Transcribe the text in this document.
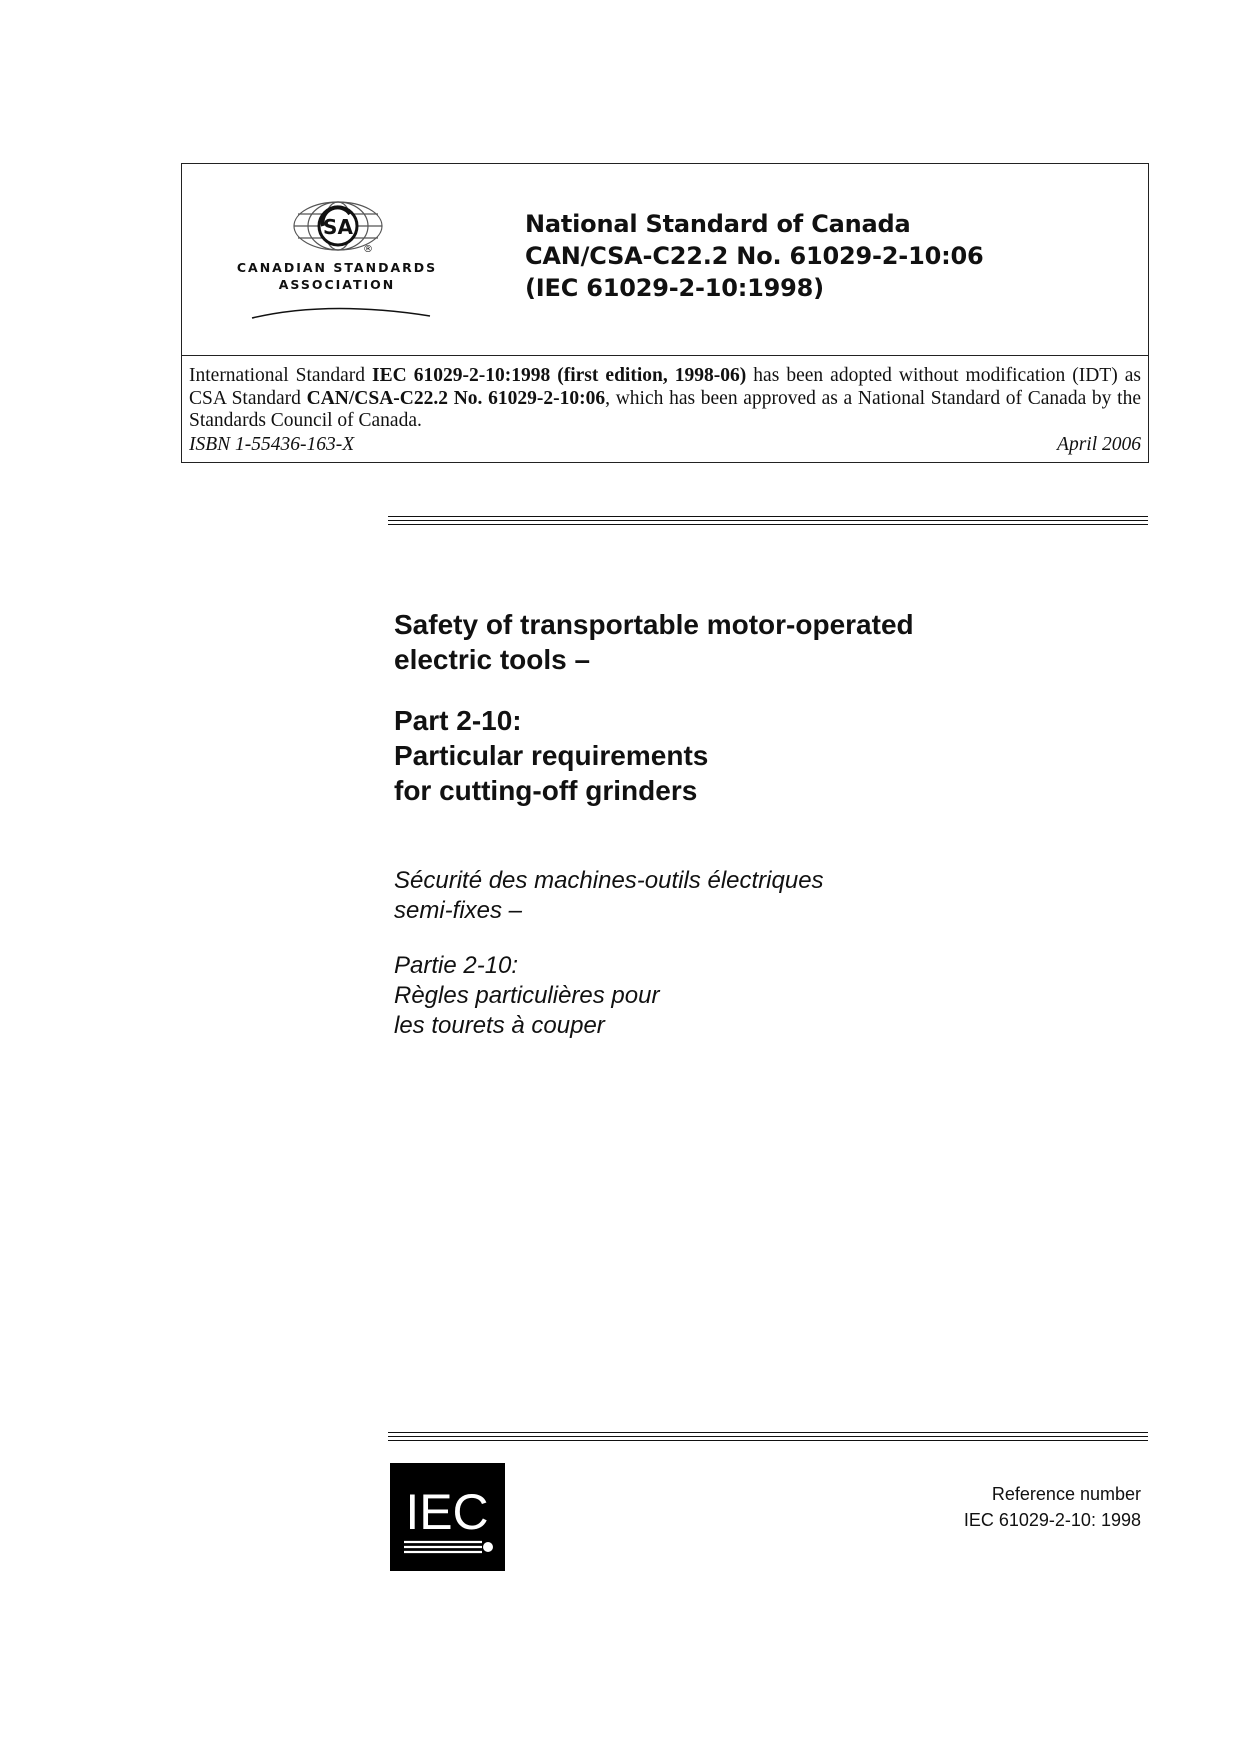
SA
®
CANADIAN STANDARDS
ASSOCIATION
National Standard of Canada
CAN/CSA-C22.2 No. 61029-2-10:06
(IEC 61029-2-10:1998)
International Standard IEC 61029-2-10:1998 (first edition, 1998-06) has been adopted without modification (IDT) as CSA Standard CAN/CSA-C22.2 No. 61029-2-10:06, which has been approved as a National Standard of Canada by the Standards Council of Canada.
ISBN 1-55436-163-X	April 2006
Safety of transportable motor-operated
electric tools –
Part 2-10:
Particular requirements
for cutting-off grinders
Sécurité des machines-outils électriques
semi-fixes –
Partie 2-10:
Règles particulières pour
les tourets à couper
IEC	Reference number
IEC 61029-2-10: 1998
